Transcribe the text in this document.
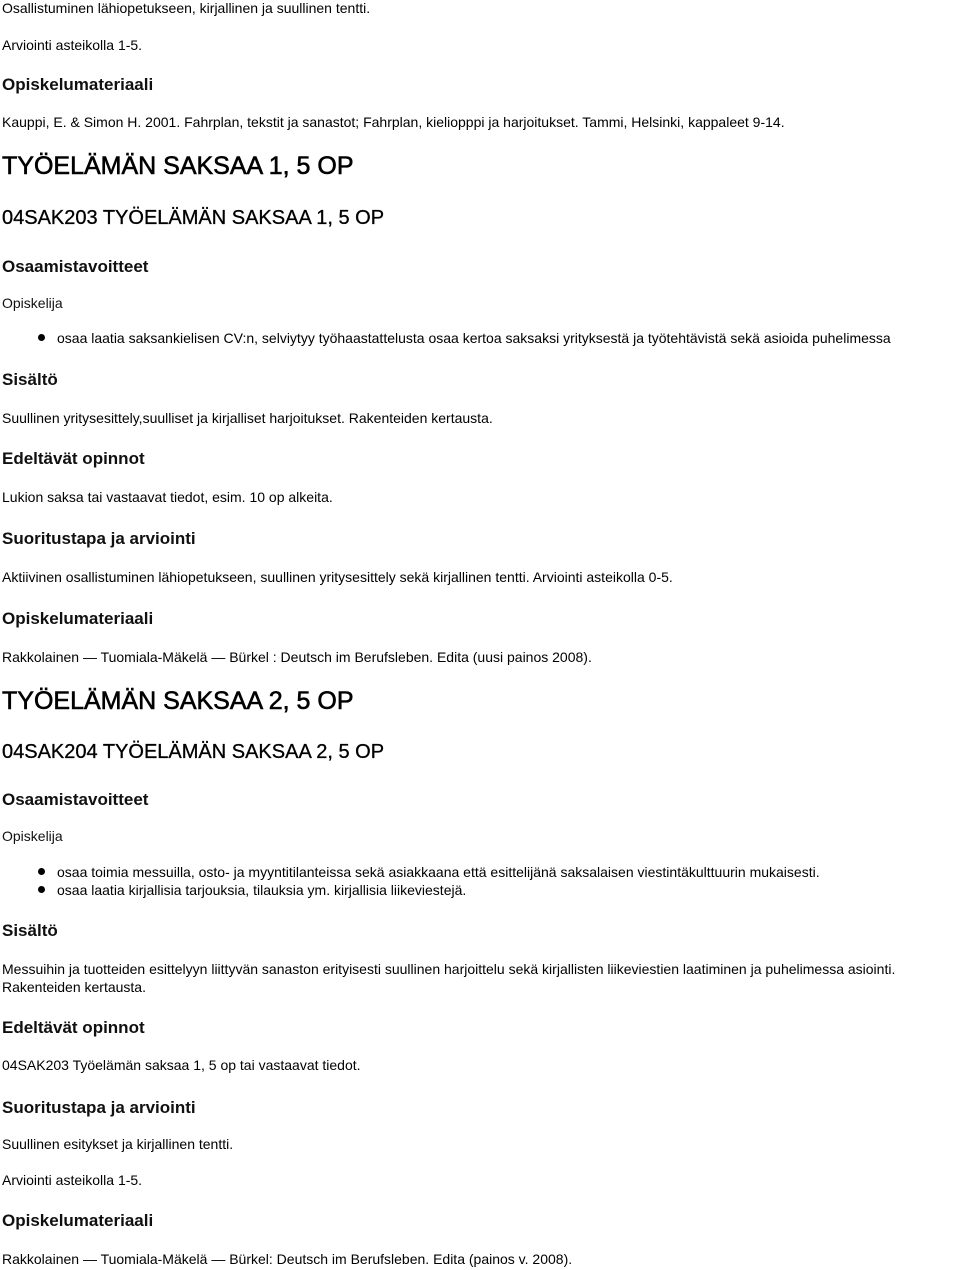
Osallistuminen lähiopetukseen, kirjallinen ja suullinen tentti.
Arviointi asteikolla 1-5.
Opiskelumateriaali
Kauppi, E. & Simon H. 2001. Fahrplan, tekstit ja sanastot; Fahrplan, kieliopppi ja harjoitukset. Tammi, Helsinki, kappaleet 9-14.
TYÖELÄMÄN SAKSAA 1, 5 OP
04SAK203 TYÖELÄMÄN SAKSAA 1, 5 OP
Osaamistavoitteet
Opiskelija
osaa laatia saksankielisen CV:n, selviytyy työhaastattelusta osaa kertoa saksaksi yrityksestä ja työtehtävistä sekä asioida puhelimessa
Sisältö
Suullinen yritysesittely,suulliset ja kirjalliset harjoitukset. Rakenteiden kertausta.
Edeltävät opinnot
Lukion saksa tai vastaavat tiedot, esim. 10 op alkeita.
Suoritustapa ja arviointi
Aktiivinen osallistuminen lähiopetukseen, suullinen yritysesittely sekä kirjallinen tentti. Arviointi asteikolla 0-5.
Opiskelumateriaali
Rakkolainen — Tuomiala-Mäkelä — Bürkel : Deutsch im Berufsleben. Edita (uusi painos 2008).
TYÖELÄMÄN SAKSAA 2, 5 OP
04SAK204 TYÖELÄMÄN SAKSAA 2, 5 OP
Osaamistavoitteet
Opiskelija
osaa toimia messuilla, osto- ja myyntitilanteissa sekä asiakkaana että esittelijänä saksalaisen viestintäkulttuurin mukaisesti.
osaa laatia kirjallisia tarjouksia, tilauksia ym. kirjallisia liikeviestejä.
Sisältö
Messuihin ja tuotteiden esittelyyn liittyvän sanaston erityisesti suullinen harjoittelu sekä kirjallisten liikeviestien laatiminen ja puhelimessa asiointi. Rakenteiden kertausta.
Edeltävät opinnot
04SAK203 Työelämän saksaa 1, 5 op tai vastaavat tiedot.
Suoritustapa ja arviointi
Suullinen esitykset ja kirjallinen tentti.
Arviointi asteikolla 1-5.
Opiskelumateriaali
Rakkolainen — Tuomiala-Mäkelä — Bürkel: Deutsch im Berufsleben. Edita (painos v. 2008).
